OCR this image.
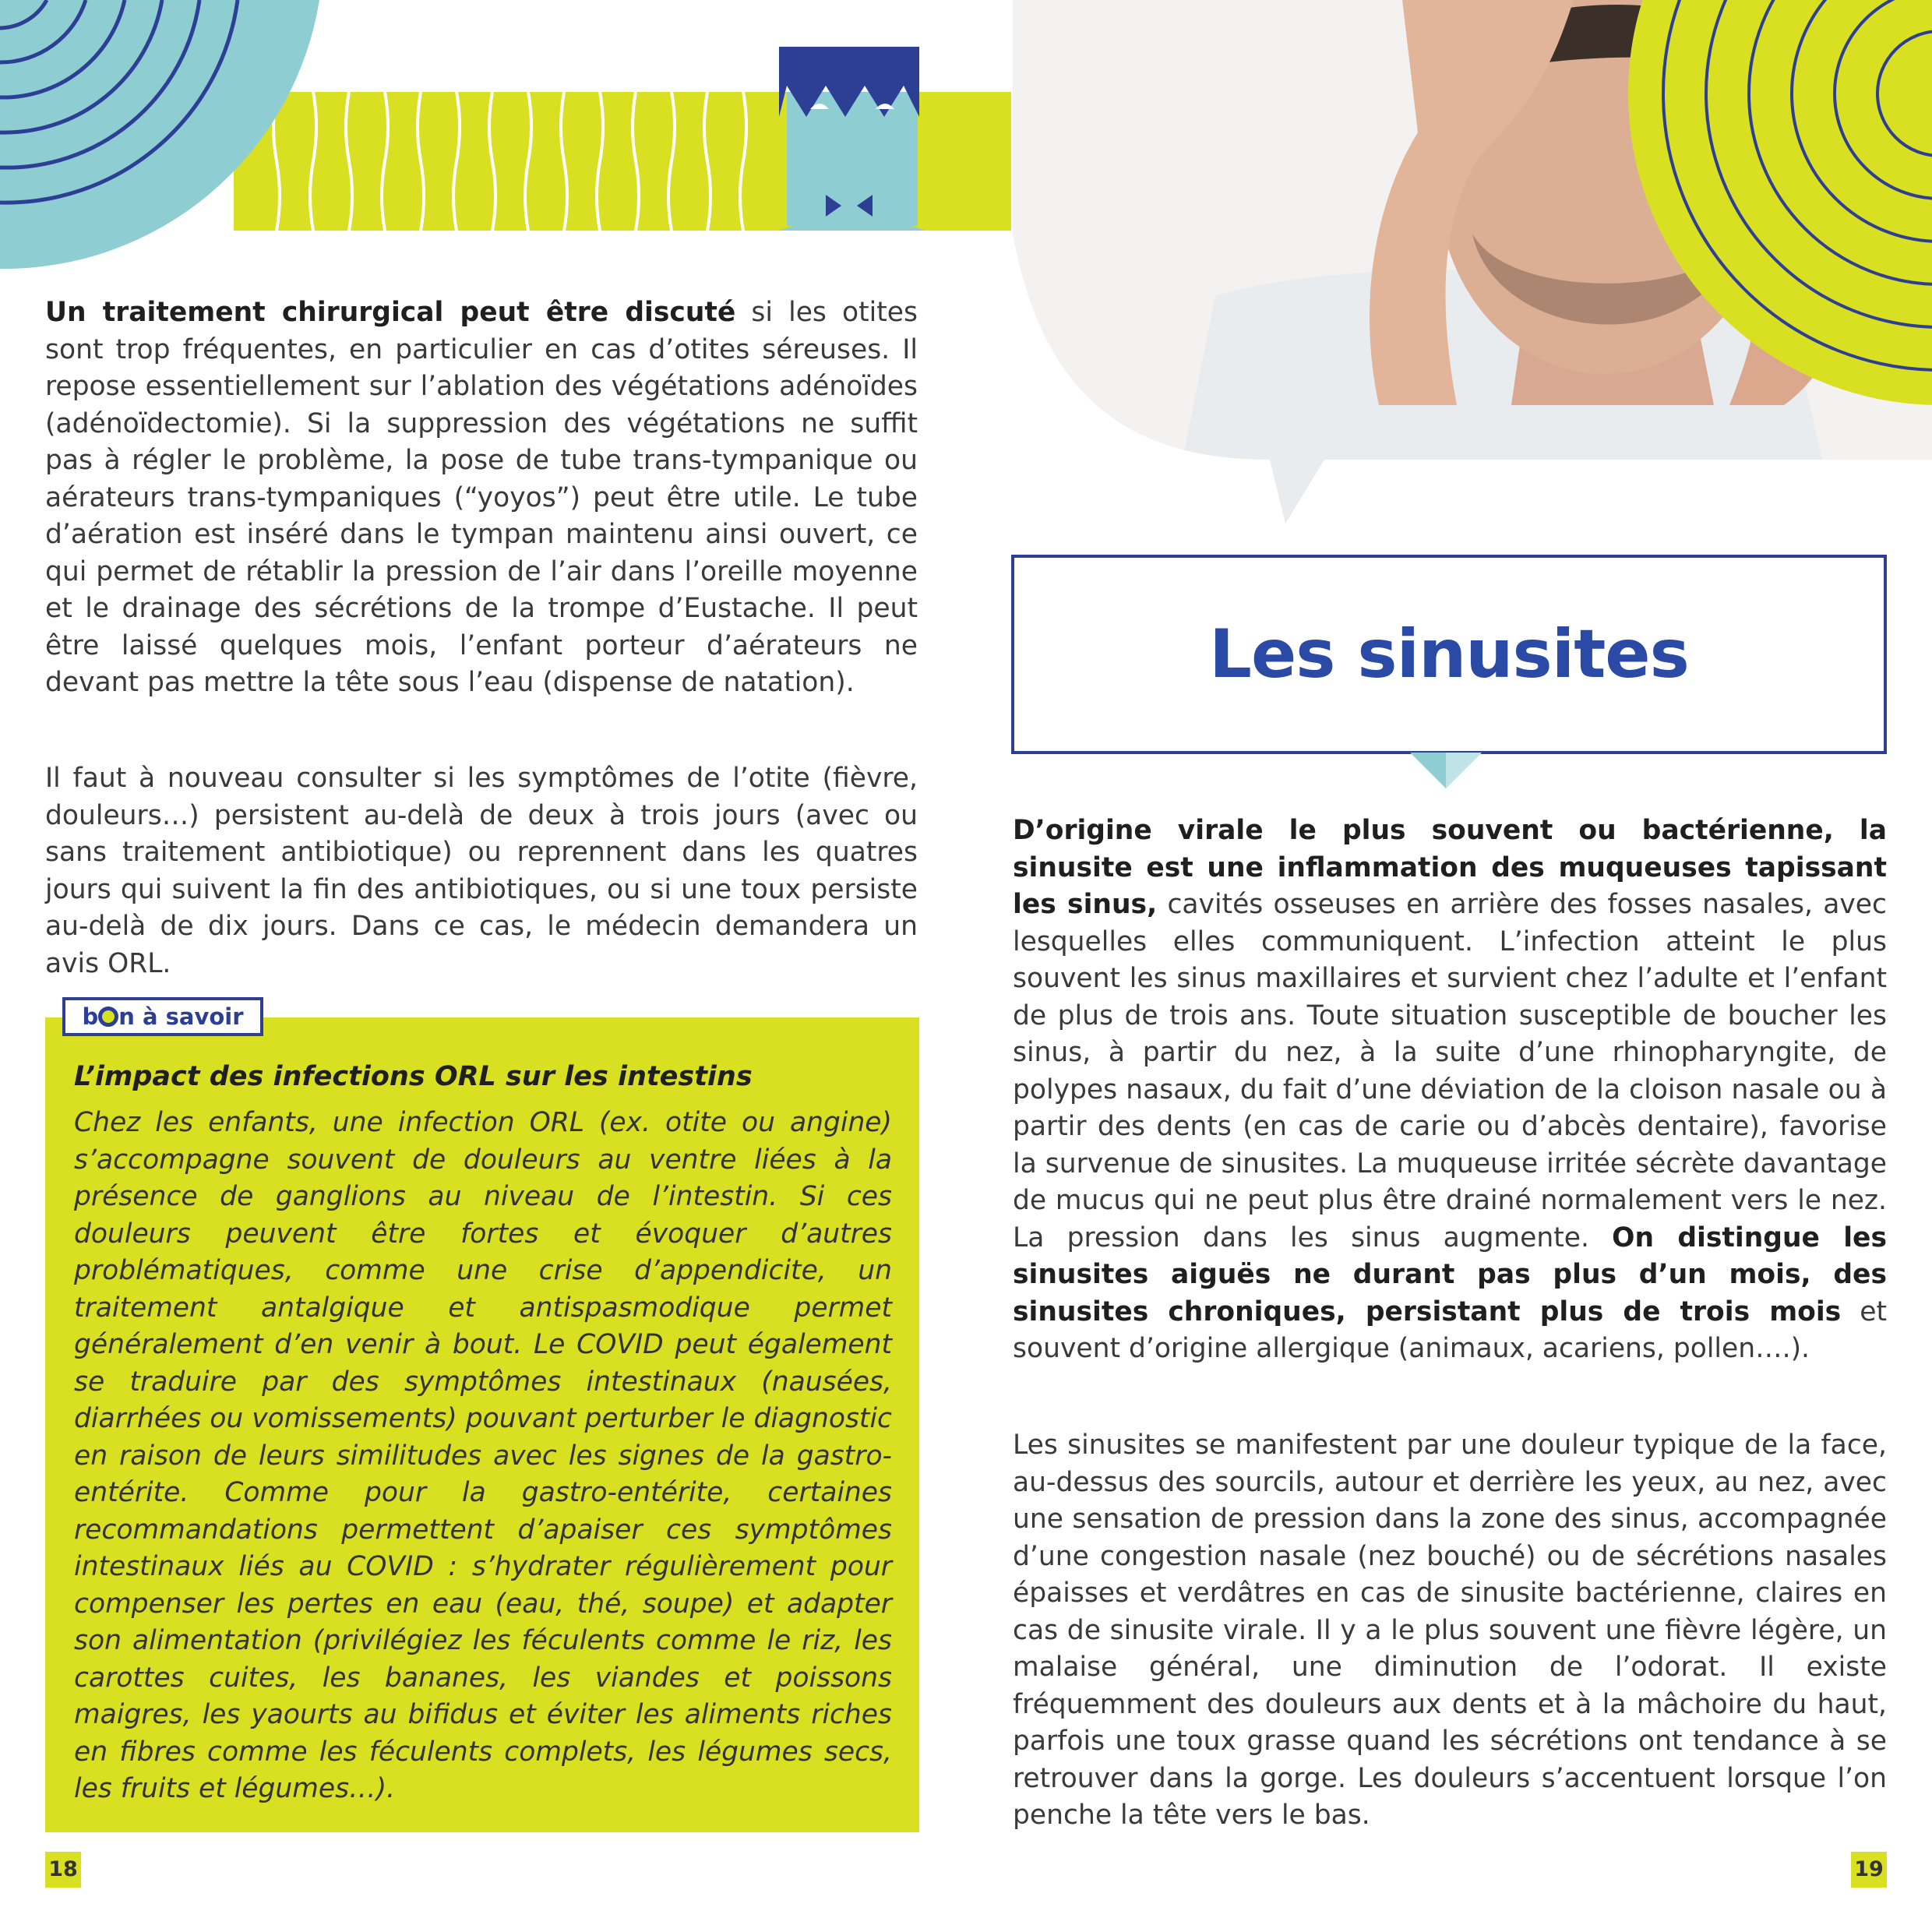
Un traitement chirurgical peut être discuté si les otites sont trop fréquentes, en particulier en cas d’otites séreuses. Il repose essentiellement sur l’ablation des végétations adénoïdes (adénoïdectomie). Si la suppression des végétations ne suffit pas à régler le problème, la pose de tube trans-tympanique ou aérateurs trans-tympaniques (“yoyos”) peut être utile. Le tube d’aération est inséré dans le tympan maintenu ainsi ouvert, ce qui permet de rétablir la pression de l’air dans l’oreille moyenne et le drainage des sécrétions de la trompe d’Eustache. Il peut être laissé quelques mois, l’enfant porteur d’aérateurs ne devant pas mettre la tête sous l’eau (dispense de natation).

Il faut à nouveau consulter si les symptômes de l’otite (fièvre, douleurs…) persistent au-delà de deux à trois jours (avec ou sans traitement antibiotique) ou reprennent dans les quatres jours qui suivent la fin des antibiotiques, ou si une toux persiste au-delà de dix jours. Dans ce cas, le médecin demandera un avis ORL.

b n à savoir
L’impact des infections ORL sur les intestins

Chez les enfants, une infection ORL (ex. otite ou angine) s’accompagne souvent de douleurs au ventre liées à la présence de ganglions au niveau de l’intestin. Si ces douleurs peuvent être fortes et évoquer d’autres problématiques, comme une crise d’appendicite, un traitement antalgique et antispasmodique permet généralement d’en venir à bout. Le COVID peut également se traduire par des symptômes intestinaux (nausées, diarrhées ou vomissements) pouvant perturber le diagnostic en raison de leurs similitudes avec les signes de la gastro-entérite. Comme pour la gastro-entérite, certaines recommandations permettent d’apaiser ces symptômes intestinaux liés au COVID : s’hydrater régulièrement pour compenser les pertes en eau (eau, thé, soupe) et adapter son alimentation (privilégiez les féculents comme le riz, les carottes cuites, les bananes, les viandes et poissons maigres, les yaourts au bifidus et éviter les aliments riches en fibres comme les féculents complets, les légumes secs, les fruits et légumes…).

18
Les sinusites

D’origine virale le plus souvent ou bactérienne, la sinusite est une inflammation des muqueuses tapissant les sinus, cavités osseuses en arrière des fosses nasales, avec lesquelles elles communiquent. L’infection atteint le plus souvent les sinus maxillaires et survient chez l’adulte et l’enfant de plus de trois ans. Toute situation susceptible de boucher les sinus, à partir du nez, à la suite d’une rhinopharyngite, de polypes nasaux, du fait d’une déviation de la cloison nasale ou à partir des dents (en cas de carie ou d’abcès dentaire), favorise la survenue de sinusites. La muqueuse irritée sécrète davantage de mucus qui ne peut plus être drainé normalement vers le nez. La pression dans les sinus augmente. On distingue les sinusites aiguës ne durant pas plus d’un mois, des sinusites chroniques, persistant plus de trois mois et souvent d’origine allergique (animaux, acariens, pollen….).

Les sinusites se manifestent par une douleur typique de la face, au-dessus des sourcils, autour et derrière les yeux, au nez, avec une sensation de pression dans la zone des sinus, accompagnée d’une congestion nasale (nez bouché) ou de sécrétions nasales épaisses et verdâtres en cas de sinusite bactérienne, claires en cas de sinusite virale. Il y a le plus souvent une fièvre légère, un malaise général, une diminution de l’odorat. Il existe fréquemment des douleurs aux dents et à la mâchoire du haut, parfois une toux grasse quand les sécrétions ont tendance à se retrouver dans la gorge. Les douleurs s’accentuent lorsque l’on penche la tête vers le bas.

19
